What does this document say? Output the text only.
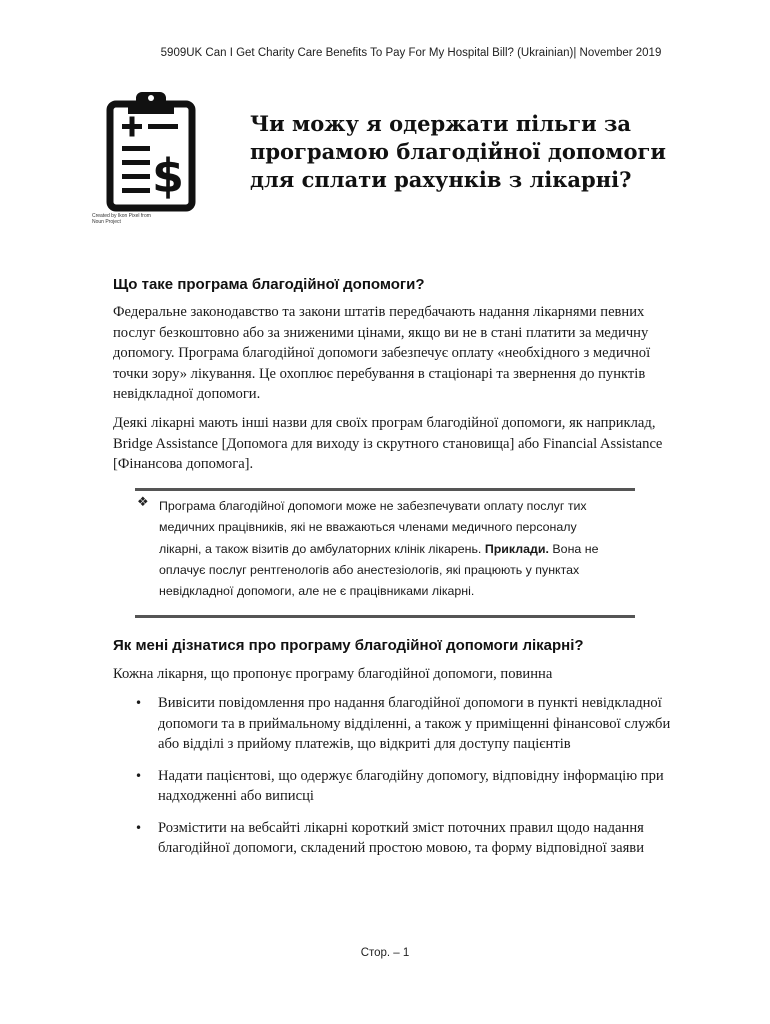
5909UK Can I Get Charity Care Benefits To Pay For My Hospital Bill? (Ukrainian)| November 2019
$
Created by Ikon Pixel from Noun Project
Чи можу я одержати пільги за програмою благодійної допомоги для сплати рахунків з лікарні?
Що таке програма благодійної допомоги?

Федеральне законодавство та закони штатів передбачають надання лікарнями певних послуг безкоштовно або за зниженими цінами, якщо ви не в стані платити за медичну допомогу. Програма благодійної допомоги забезпечує оплату «необхідного з медичної точки зору» лікування. Це охоплює перебування в стаціонарі та звернення до пунктів невідкладної допомоги.

Деякі лікарні мають інші назви для своїх програм благодійної допомоги, як наприклад, Bridge Assistance [Допомога для виходу із скрутного становища] або Financial Assistance [Фінансова допомога].

❖ Програма благодійної допомоги може не забезпечувати оплату послуг тих медичних працівників, які не вважаються членами медичного персоналу лікарні, а також візитів до амбулаторних клінік лікарень. Приклади. Вона не оплачує послуг рентгенологів або анестезіологів, які працюють у пунктах невідкладної допомоги, але не є працівниками лікарні.

Як мені дізнатися про програму благодійної допомоги лікарні?

Кожна лікарня, що пропонує програму благодійної допомоги, повинна

• Вивісити повідомлення про надання благодійної допомоги в пункті невідкладної допомоги та в приймальному відділенні, а також у приміщенні фінансової служби або відділі з прийому платежів, що відкриті для доступу пацієнтів
• Надати пацієнтові, що одержує благодійну допомогу, відповідну інформацію при надходженні або виписці
• Розмістити на вебсайті лікарні короткий зміст поточних правил щодо надання благодійної допомоги, складений простою мовою, та форму відповідної заяви
Стор. – 1
